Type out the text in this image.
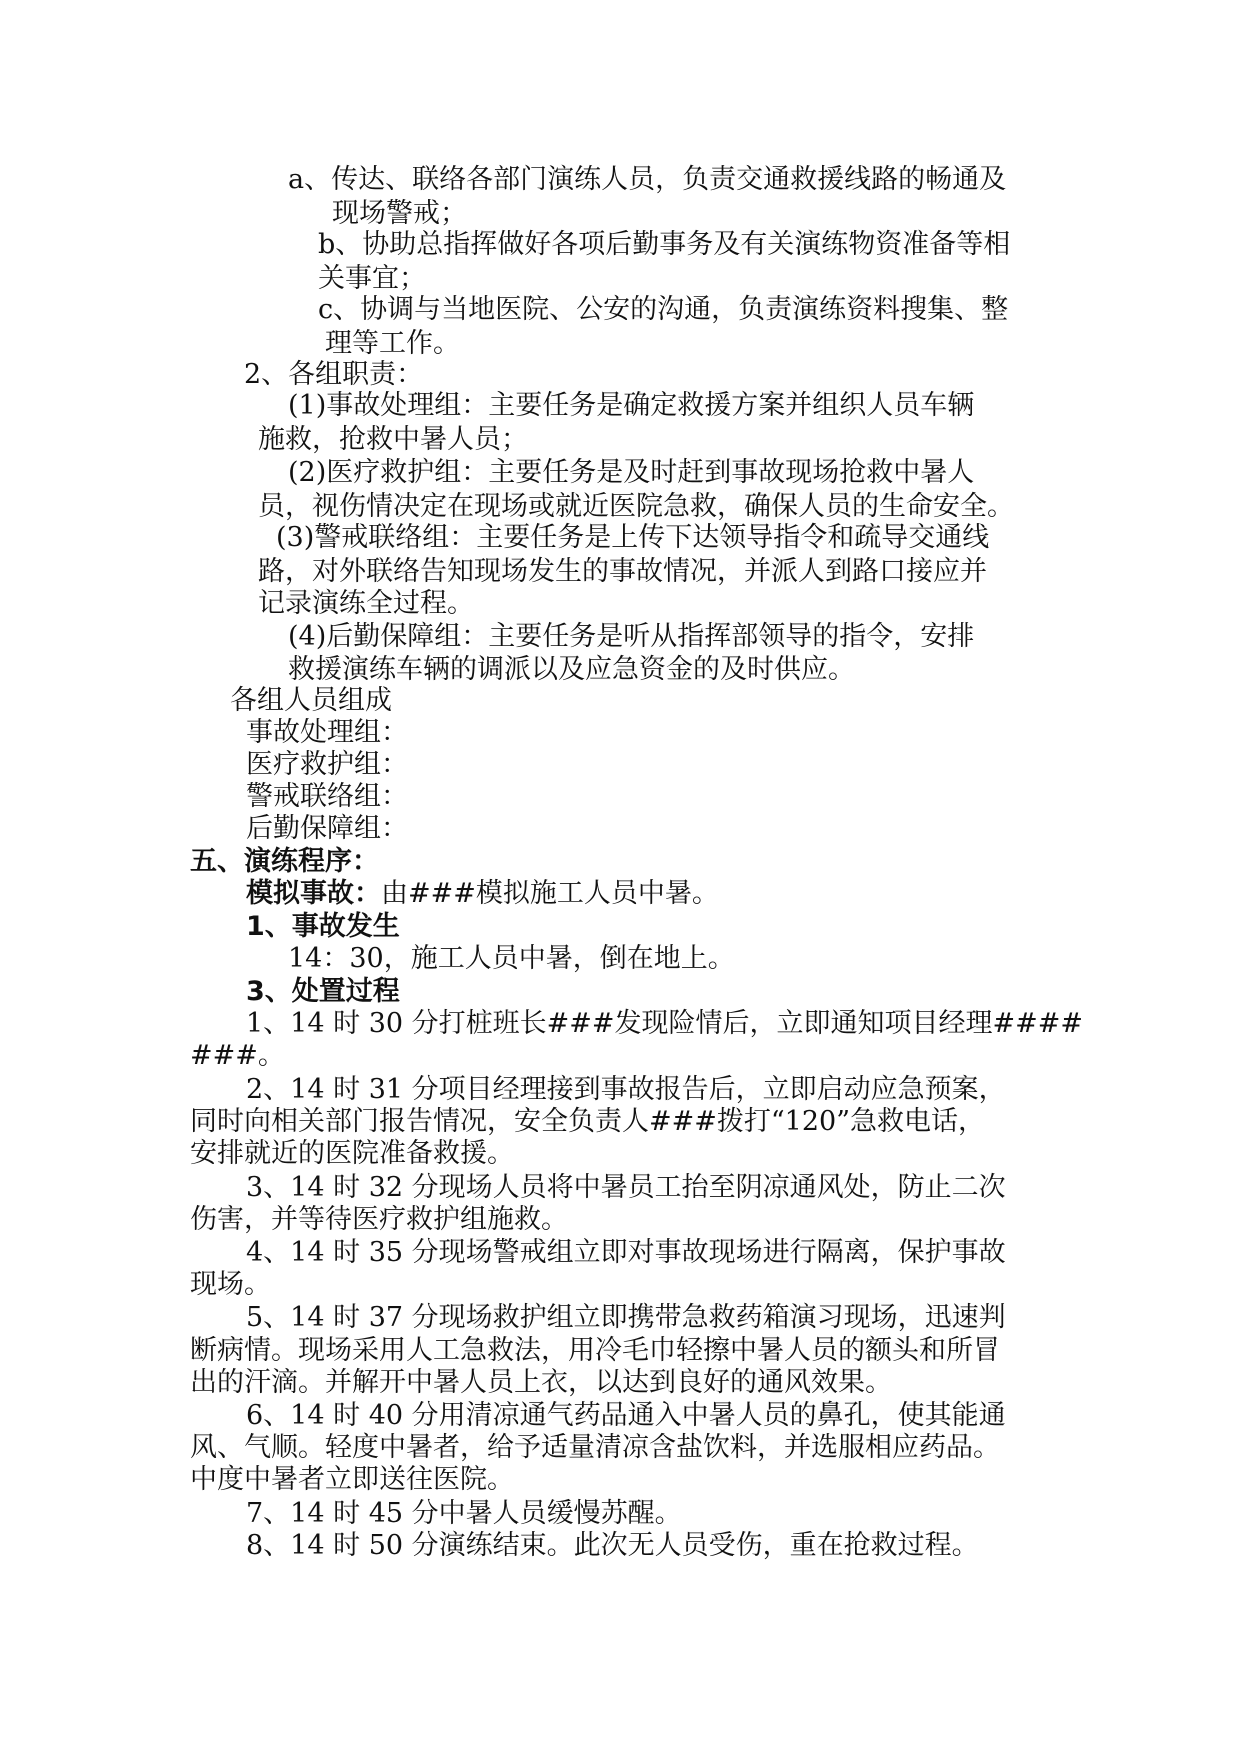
a、传达、联络各部门演练人员，负责交通救援线路的畅通及

现场警戒；

b、协助总指挥做好各项后勤事务及有关演练物资准备等相

关事宜；

c、协调与当地医院、公安的沟通，负责演练资料搜集、整

理等工作。

2、各组职责：

(1)事故处理组：主要任务是确定救援方案并组织人员车辆

施救，抢救中暑人员；

(2)医疗救护组：主要任务是及时赶到事故现场抢救中暑人

员，视伤情决定在现场或就近医院急救，确保人员的生命安全。

(3)警戒联络组：主要任务是上传下达领导指令和疏导交通线

路，对外联络告知现场发生的事故情况，并派人到路口接应并

记录演练全过程。

(4)后勤保障组：主要任务是听从指挥部领导的指令，安排

救援演练车辆的调派以及应急资金的及时供应。

各组人员组成

事故处理组：

医疗救护组：

警戒联络组：

后勤保障组：

五、演练程序：

模拟事故：由###模拟施工人员中暑。

1、事故发生

14：30，施工人员中暑，倒在地上。

3、处置过程

1、14 时 30 分打桩班长###发现险情后，立即通知项目经理####

###。

2、14 时 31 分项目经理接到事故报告后，立即启动应急预案，

同时向相关部门报告情况，安全负责人###拨打“120”急救电话，

安排就近的医院准备救援。

3、14 时 32 分现场人员将中暑员工抬至阴凉通风处，防止二次

伤害，并等待医疗救护组施救。

4、14 时 35 分现场警戒组立即对事故现场进行隔离，保护事故

现场。

5、14 时 37 分现场救护组立即携带急救药箱演习现场，迅速判

断病情。现场采用人工急救法，用冷毛巾轻擦中暑人员的额头和所冒

出的汗滴。并解开中暑人员上衣，以达到良好的通风效果。

6、14 时 40 分用清凉通气药品通入中暑人员的鼻孔，使其能通

风、气顺。轻度中暑者，给予适量清凉含盐饮料，并选服相应药品。

中度中暑者立即送往医院。

7、14 时 45 分中暑人员缓慢苏醒。

8、14 时 50 分演练结束。此次无人员受伤，重在抢救过程。
